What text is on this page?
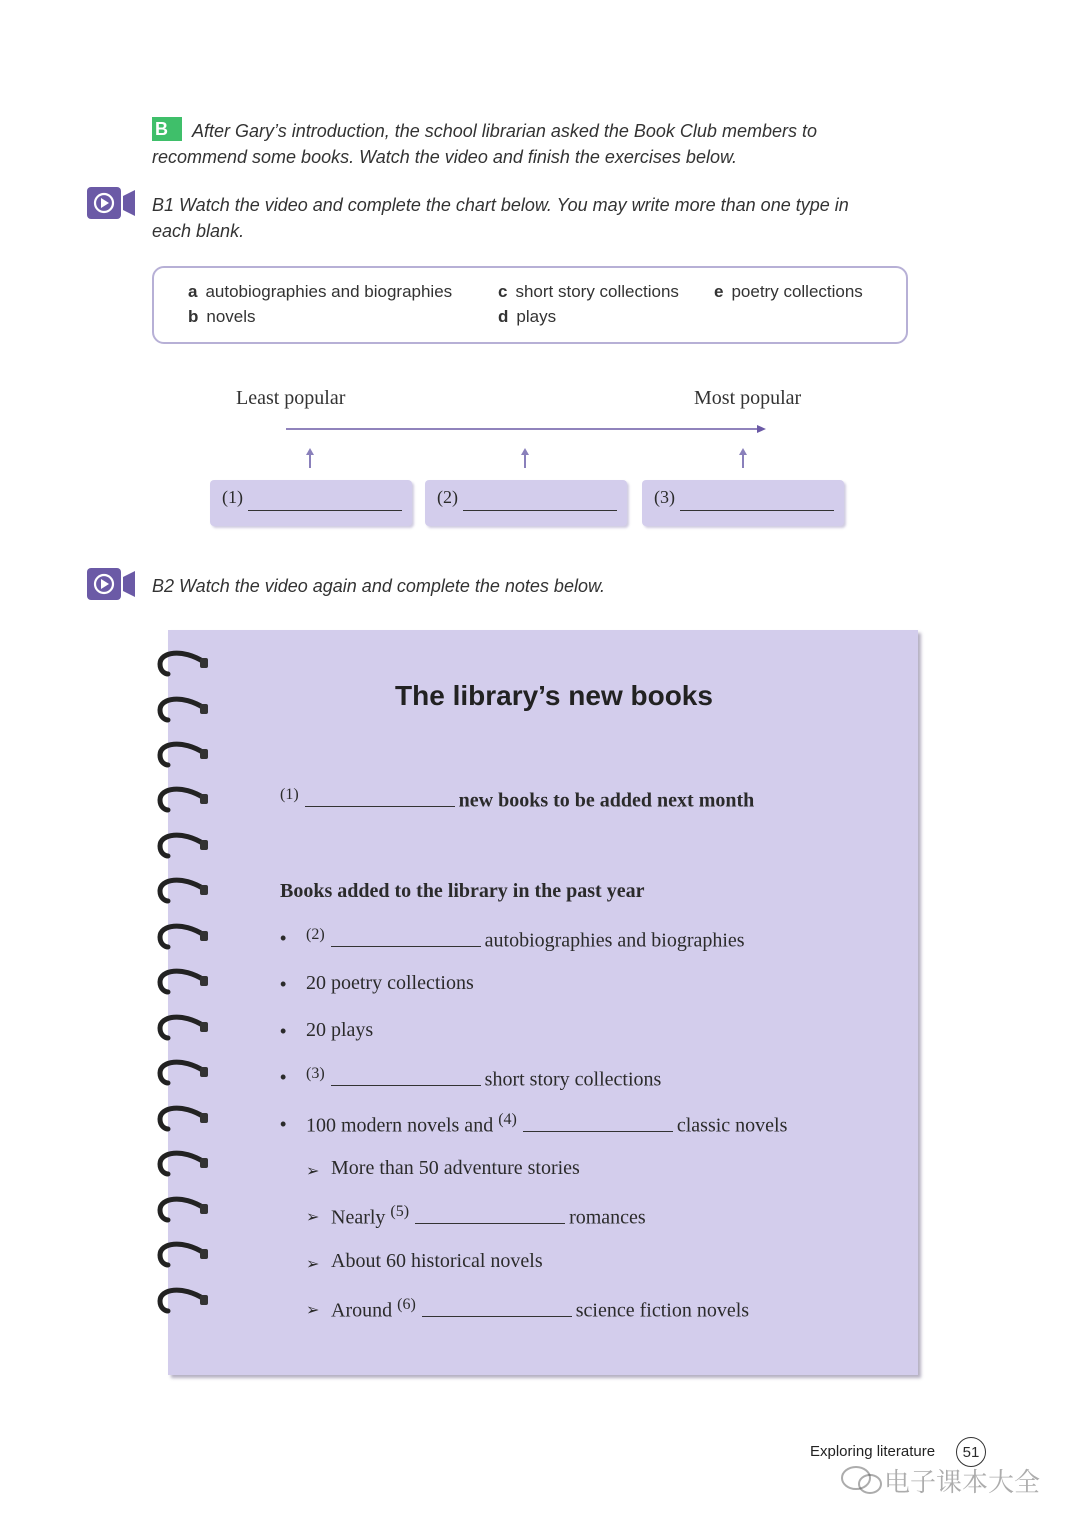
B	After Gary’s introduction, the school librarian asked the Book Club members to
recommend some books. Watch the video and finish the exercises below.
B1 Watch the video and complete the chart below. You may write more than one type in each blank.
a autobiographies and biographies
b novels
c short story collections
d plays
e poetry collections
Least popular	Most popular
(1)	(2)	(3)
B2 Watch the video again and complete the notes below.
The library’s new books
$^{(1)}$	new books to be added next month
Books added to the library in the past year
• $^{(2)}$	autobiographies and biographies
• 20 poetry collections
• 20 plays
• $^{(3)}$	short story collections
• 100 modern novels and $^{(4)}$	classic novels
➢ More than 50 adventure stories
➢ Nearly $^{(5)}$	romances
➢ About 60 historical novels
➢ Around $^{(6)}$	science fiction novels
Exploring literature	51
电子课本大全
